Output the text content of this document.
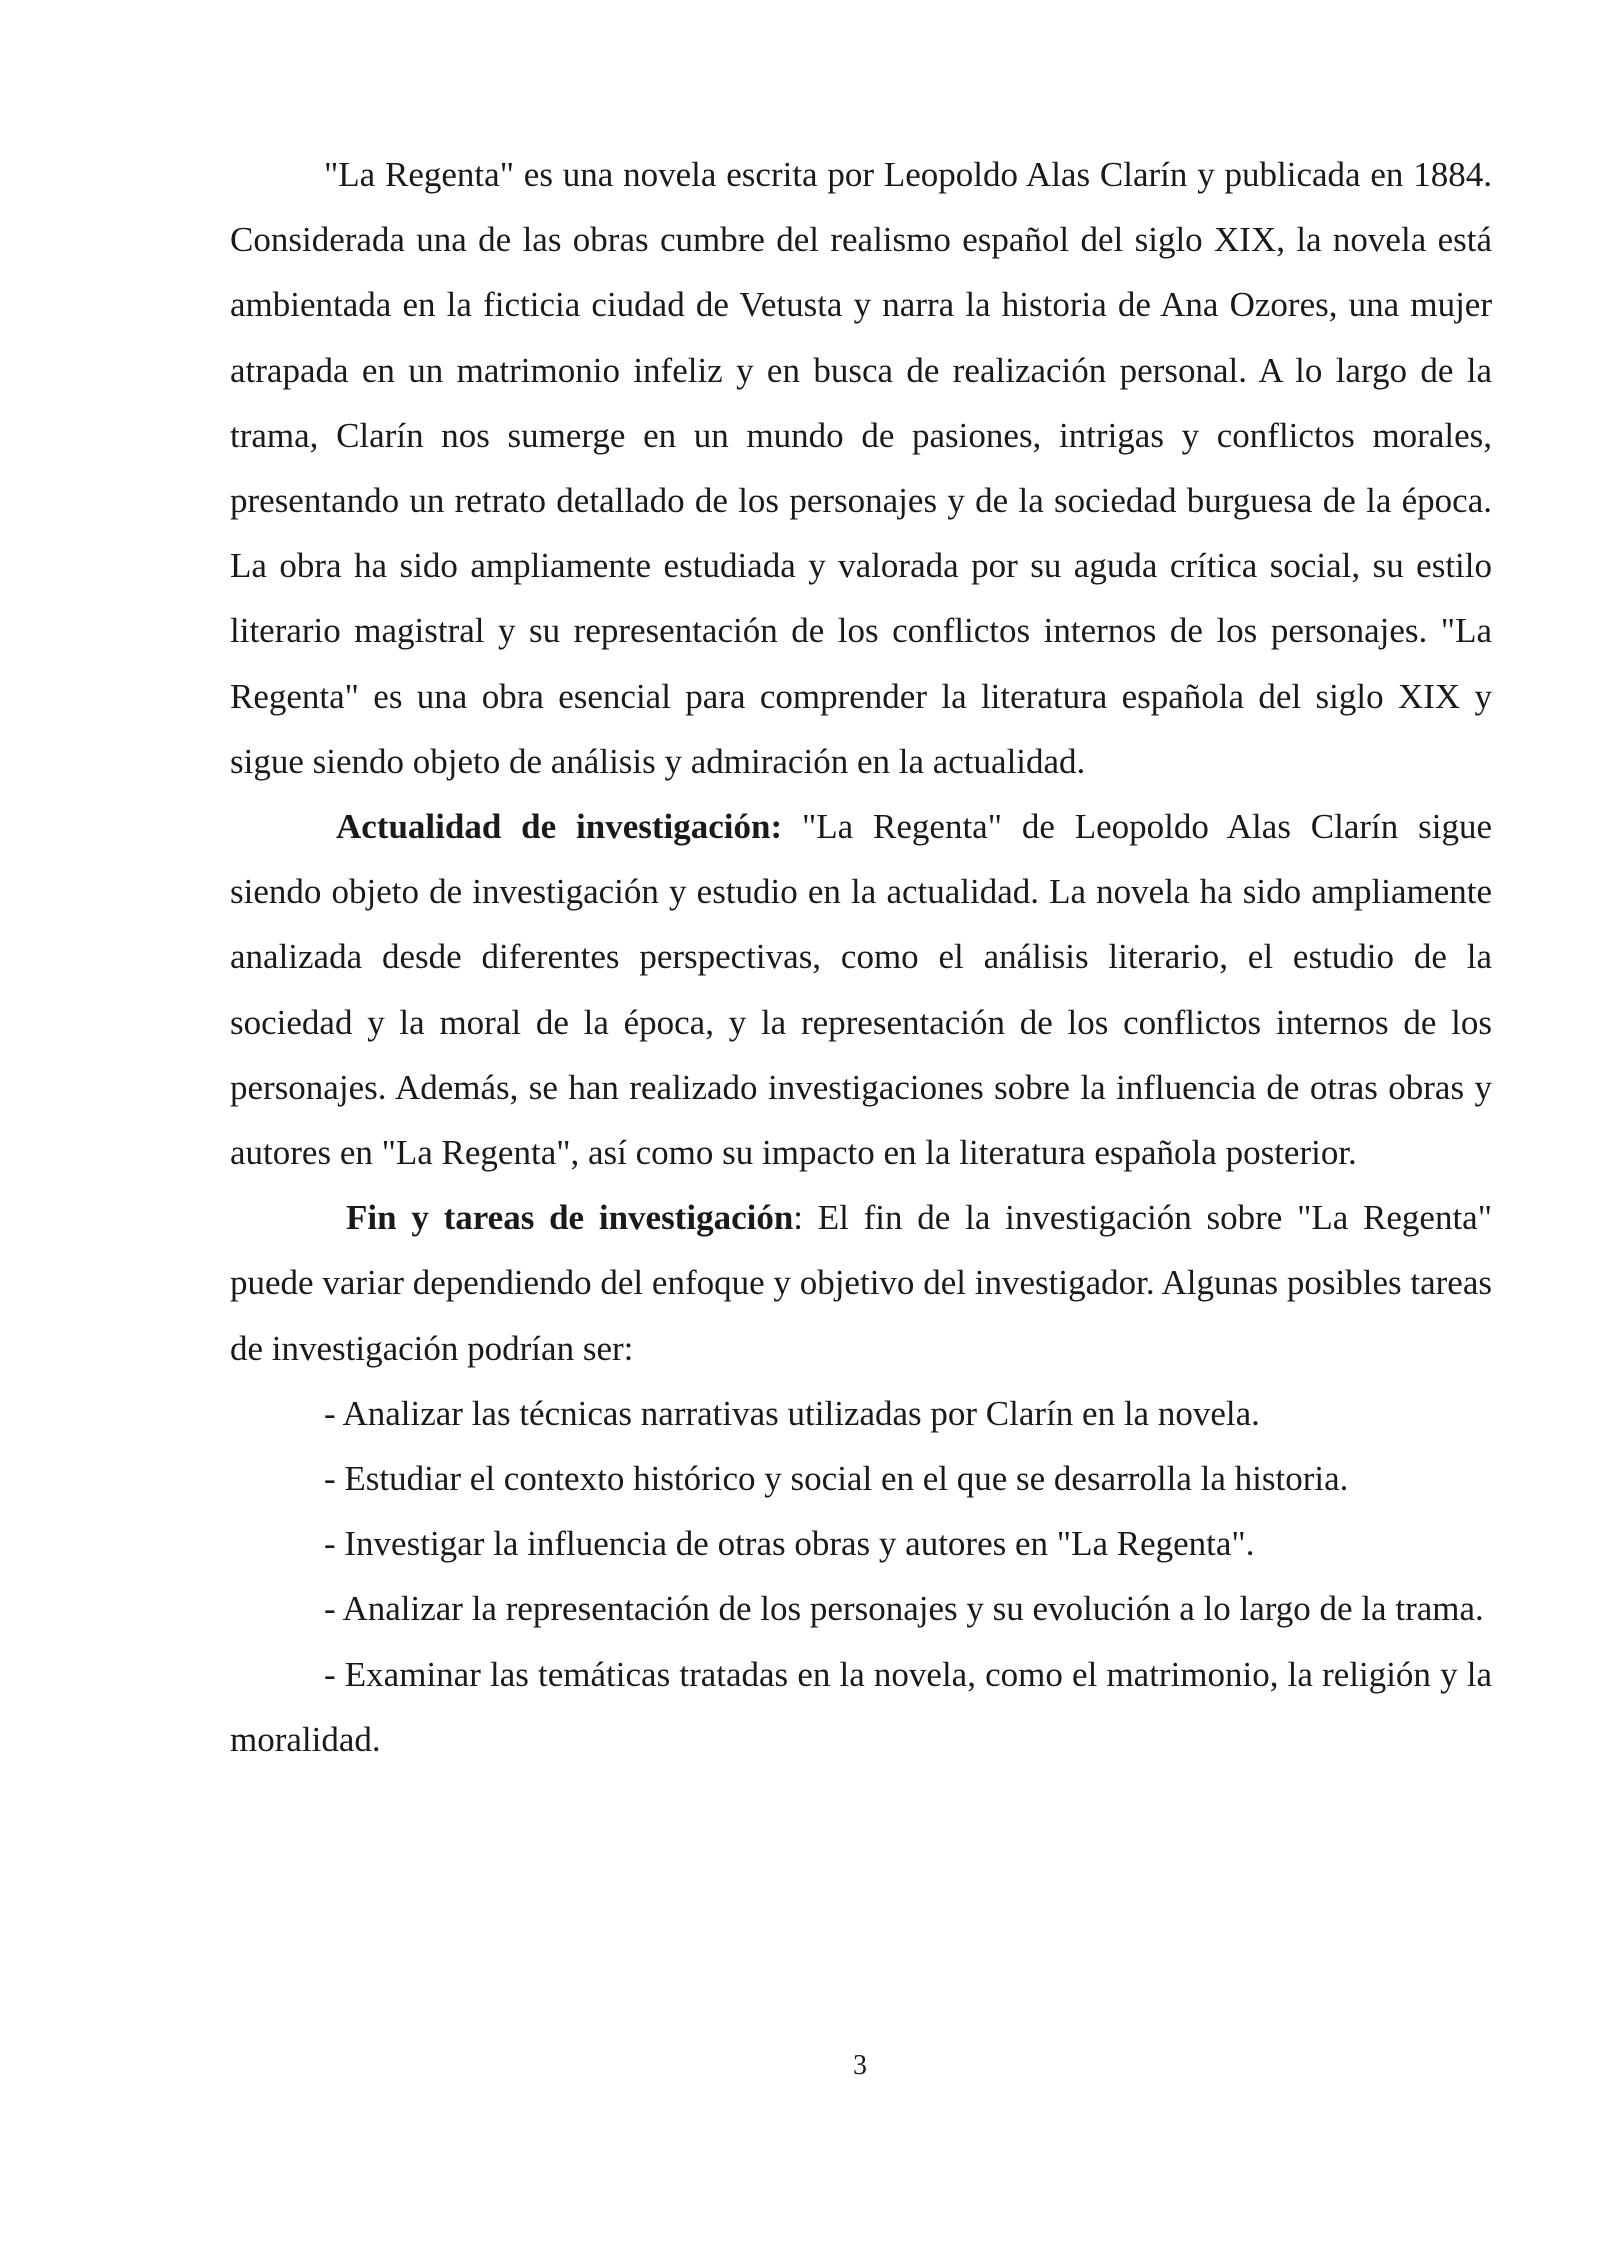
"La Regenta" es una novela escrita por Leopoldo Alas Clarín y publicada en 1884. Considerada una de las obras cumbre del realismo español del siglo XIX, la novela está ambientada en la ficticia ciudad de Vetusta y narra la historia de Ana Ozores, una mujer atrapada en un matrimonio infeliz y en busca de realización personal. A lo largo de la trama, Clarín nos sumerge en un mundo de pasiones, intrigas y conflictos morales, presentando un retrato detallado de los personajes y de la sociedad burguesa de la época. La obra ha sido ampliamente estudiada y valorada por su aguda crítica social, su estilo literario magistral y su representación de los conflictos internos de los personajes. "La Regenta" es una obra esencial para comprender la literatura española del siglo XIX y sigue siendo objeto de análisis y admiración en la actualidad.

Actualidad de investigación: "La Regenta" de Leopoldo Alas Clarín sigue siendo objeto de investigación y estudio en la actualidad. La novela ha sido ampliamente analizada desde diferentes perspectivas, como el análisis literario, el estudio de la sociedad y la moral de la época, y la representación de los conflictos internos de los personajes. Además, se han realizado investigaciones sobre la influencia de otras obras y autores en "La Regenta", así como su impacto en la literatura española posterior.

Fin y tareas de investigación: El fin de la investigación sobre "La Regenta" puede variar dependiendo del enfoque y objetivo del investigador. Algunas posibles tareas de investigación podrían ser:

- Analizar las técnicas narrativas utilizadas por Clarín en la novela.

- Estudiar el contexto histórico y social en el que se desarrolla la historia.

- Investigar la influencia de otras obras y autores en "La Regenta".

- Analizar la representación de los personajes y su evolución a lo largo de la trama.

- Examinar las temáticas tratadas en la novela, como el matrimonio, la religión y la moralidad.

3
